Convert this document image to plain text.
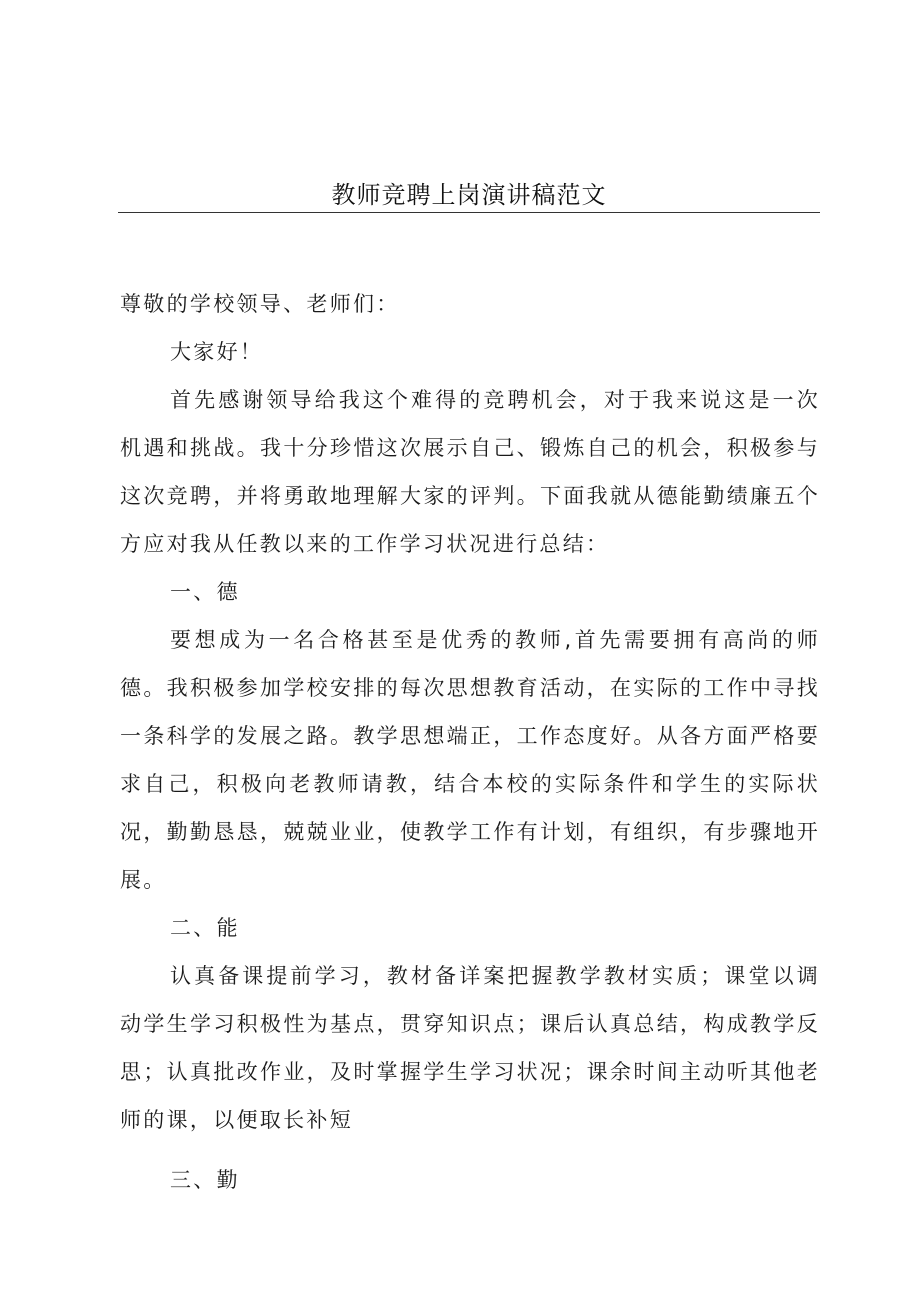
教师竞聘上岗演讲稿范文

尊敬的学校领导、老师们：

大家好！

首先感谢领导给我这个难得的竞聘机会，对于我来说这是一次机遇和挑战。我十分珍惜这次展示自己、锻炼自己的机会，积极参与这次竞聘，并将勇敢地理解大家的评判。下面我就从德能勤绩廉五个方应对我从任教以来的工作学习状况进行总结：

一、德

要想成为一名合格甚至是优秀的教师,首先需要拥有高尚的师德。我积极参加学校安排的每次思想教育活动，在实际的工作中寻找一条科学的发展之路。教学思想端正，工作态度好。从各方面严格要求自己，积极向老教师请教，结合本校的实际条件和学生的实际状况，勤勤恳恳，兢兢业业，使教学工作有计划，有组织，有步骤地开展。

二、能

认真备课提前学习，教材备详案把握教学教材实质；课堂以调动学生学习积极性为基点，贯穿知识点；课后认真总结，构成教学反思；认真批改作业，及时掌握学生学习状况；课余时间主动听其他老师的课，以便取长补短

三、勤
